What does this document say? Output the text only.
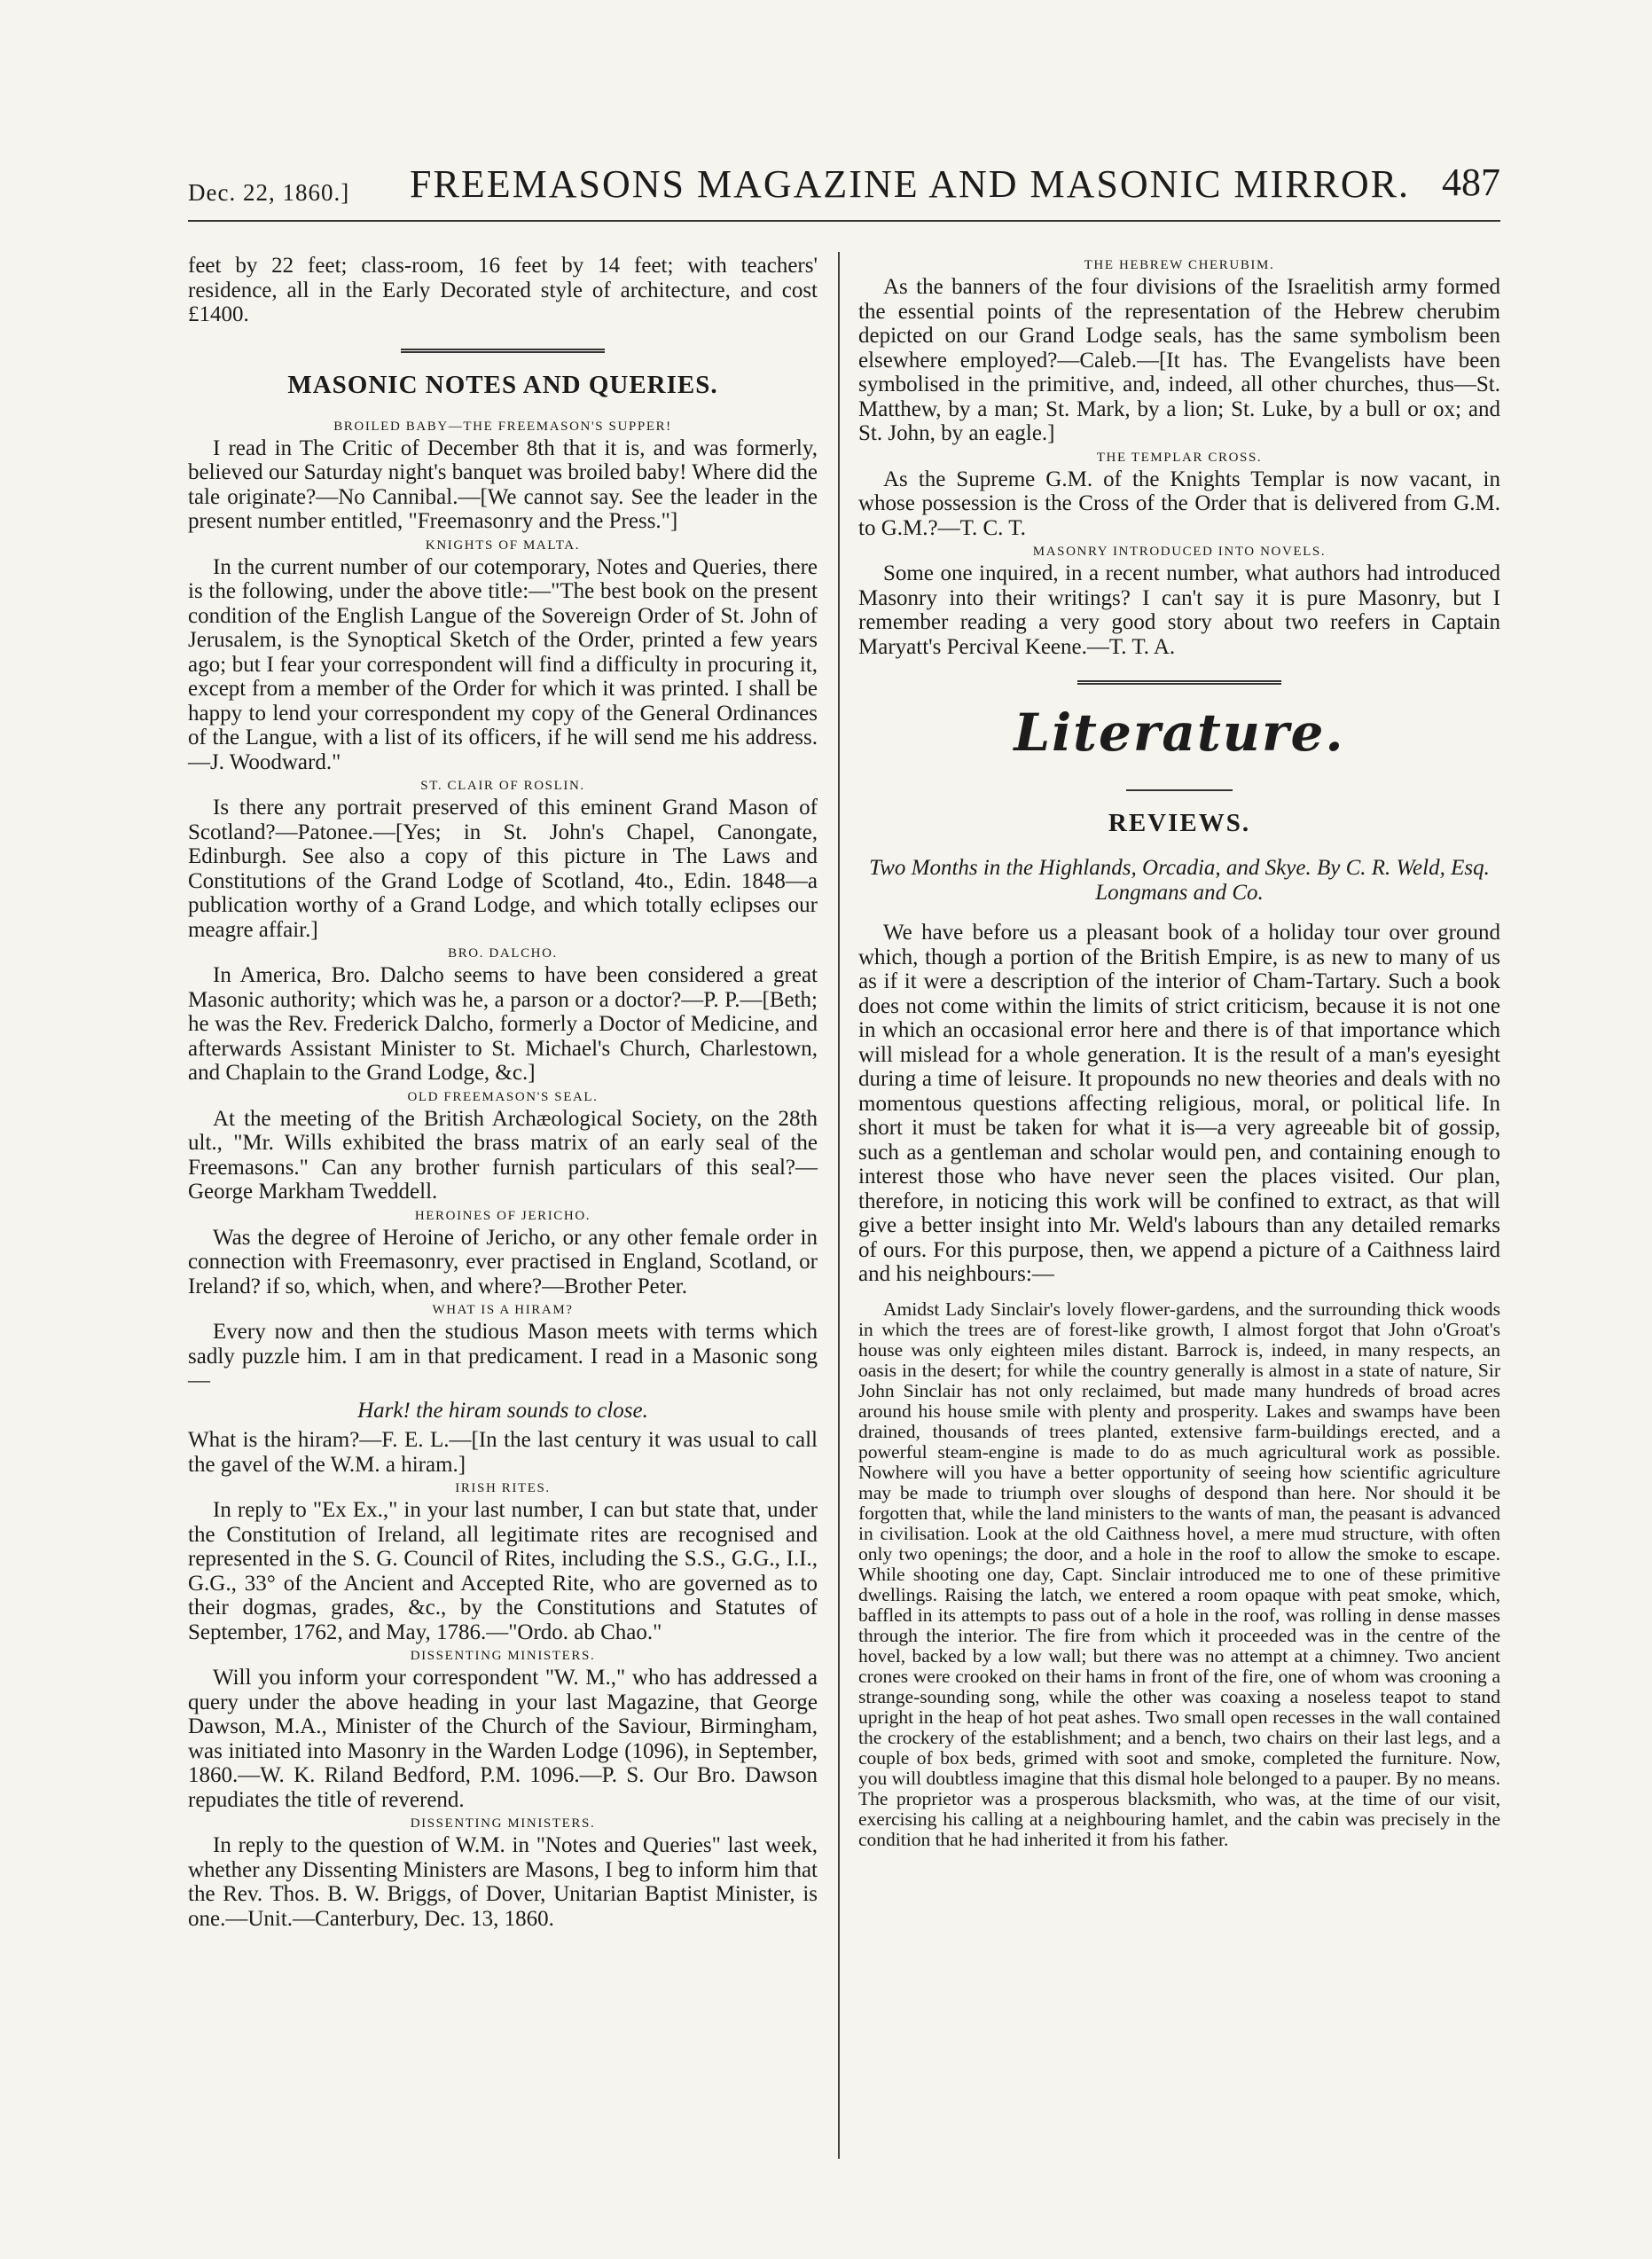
Dec. 22, 1860.] FREEMASONS MAGAZINE AND MASONIC MIRROR. 487

feet by 22 feet; class-room, 16 feet by 14 feet; with teachers' residence, all in the Early Decorated style of architecture, and cost £1400.

MASONIC NOTES AND QUERIES.
BROILED BABY—THE FREEMASON'S SUPPER!

I read in The Critic of December 8th that it is, and was formerly, believed our Saturday night's banquet was broiled baby! Where did the tale originate?—No Cannibal.—[We cannot say. See the leader in the present number entitled, "Freemasonry and the Press."]

KNIGHTS OF MALTA.

In the current number of our cotemporary, Notes and Queries, there is the following, under the above title:—"The best book on the present condition of the English Langue of the Sovereign Order of St. John of Jerusalem, is the Synoptical Sketch of the Order, printed a few years ago; but I fear your correspondent will find a difficulty in procuring it, except from a member of the Order for which it was printed. I shall be happy to lend your correspondent my copy of the General Ordinances of the Langue, with a list of its officers, if he will send me his address.—J. Woodward."

ST. CLAIR OF ROSLIN.

Is there any portrait preserved of this eminent Grand Mason of Scotland?—Patonee.—[Yes; in St. John's Chapel, Canongate, Edinburgh. See also a copy of this picture in The Laws and Constitutions of the Grand Lodge of Scotland, 4to., Edin. 1848—a publication worthy of a Grand Lodge, and which totally eclipses our meagre affair.]

BRO. DALCHO.

In America, Bro. Dalcho seems to have been considered a great Masonic authority; which was he, a parson or a doctor?—P. P.—[Beth; he was the Rev. Frederick Dalcho, formerly a Doctor of Medicine, and afterwards Assistant Minister to St. Michael's Church, Charlestown, and Chaplain to the Grand Lodge, &c.]

OLD FREEMASON'S SEAL.

At the meeting of the British Archæological Society, on the 28th ult., "Mr. Wills exhibited the brass matrix of an early seal of the Freemasons." Can any brother furnish particulars of this seal?—George Markham Tweddell.

HEROINES OF JERICHO.

Was the degree of Heroine of Jericho, or any other female order in connection with Freemasonry, ever practised in England, Scotland, or Ireland? if so, which, when, and where?—Brother Peter.

WHAT IS A HIRAM?

Every now and then the studious Mason meets with terms which sadly puzzle him. I am in that predicament. I read in a Masonic song—

Hark! the hiram sounds to close.

What is the hiram?—F. E. L.—[In the last century it was usual to call the gavel of the W.M. a hiram.]

IRISH RITES.

In reply to "Ex Ex.," in your last number, I can but state that, under the Constitution of Ireland, all legitimate rites are recognised and represented in the S. G. Council of Rites, including the S.S., G.G., I.I., G.G., 33° of the Ancient and Accepted Rite, who are governed as to their dogmas, grades, &c., by the Constitutions and Statutes of September, 1762, and May, 1786.—"Ordo. ab Chao."

DISSENTING MINISTERS.

Will you inform your correspondent "W. M.," who has addressed a query under the above heading in your last Magazine, that George Dawson, M.A., Minister of the Church of the Saviour, Birmingham, was initiated into Masonry in the Warden Lodge (1096), in September, 1860.—W. K. Riland Bedford, P.M. 1096.—P. S. Our Bro. Dawson repudiates the title of reverend.

DISSENTING MINISTERS.

In reply to the question of W.M. in "Notes and Queries" last week, whether any Dissenting Ministers are Masons, I beg to inform him that the Rev. Thos. B. W. Briggs, of Dover, Unitarian Baptist Minister, is one.—Unit.—Canterbury, Dec. 13, 1860.

THE HEBREW CHERUBIM.

As the banners of the four divisions of the Israelitish army formed the essential points of the representation of the Hebrew cherubim depicted on our Grand Lodge seals, has the same symbolism been elsewhere employed?—Caleb.—[It has. The Evangelists have been symbolised in the primitive, and, indeed, all other churches, thus—St. Matthew, by a man; St. Mark, by a lion; St. Luke, by a bull or ox; and St. John, by an eagle.]

THE TEMPLAR CROSS.

As the Supreme G.M. of the Knights Templar is now vacant, in whose possession is the Cross of the Order that is delivered from G.M. to G.M.?—T. C. T.

MASONRY INTRODUCED INTO NOVELS.

Some one inquired, in a recent number, what authors had introduced Masonry into their writings? I can't say it is pure Masonry, but I remember reading a very good story about two reefers in Captain Maryatt's Percival Keene.—T. T. A.

Literature.
REVIEWS.

Two Months in the Highlands, Orcadia, and Skye. By C. R. Weld, Esq. Longmans and Co.

We have before us a pleasant book of a holiday tour over ground which, though a portion of the British Empire, is as new to many of us as if it were a description of the interior of Cham-Tartary. Such a book does not come within the limits of strict criticism, because it is not one in which an occasional error here and there is of that importance which will mislead for a whole generation. It is the result of a man's eyesight during a time of leisure. It propounds no new theories and deals with no momentous questions affecting religious, moral, or political life. In short it must be taken for what it is—a very agreeable bit of gossip, such as a gentleman and scholar would pen, and containing enough to interest those who have never seen the places visited. Our plan, therefore, in noticing this work will be confined to extract, as that will give a better insight into Mr. Weld's labours than any detailed remarks of ours. For this purpose, then, we append a picture of a Caithness laird and his neighbours:—

Amidst Lady Sinclair's lovely flower-gardens, and the surrounding thick woods in which the trees are of forest-like growth, I almost forgot that John o'Groat's house was only eighteen miles distant. Barrock is, indeed, in many respects, an oasis in the desert; for while the country generally is almost in a state of nature, Sir John Sinclair has not only reclaimed, but made many hundreds of broad acres around his house smile with plenty and prosperity. Lakes and swamps have been drained, thousands of trees planted, extensive farm-buildings erected, and a powerful steam-engine is made to do as much agricultural work as possible. Nowhere will you have a better opportunity of seeing how scientific agriculture may be made to triumph over sloughs of despond than here. Nor should it be forgotten that, while the land ministers to the wants of man, the peasant is advanced in civilisation. Look at the old Caithness hovel, a mere mud structure, with often only two openings; the door, and a hole in the roof to allow the smoke to escape. While shooting one day, Capt. Sinclair introduced me to one of these primitive dwellings. Raising the latch, we entered a room opaque with peat smoke, which, baffled in its attempts to pass out of a hole in the roof, was rolling in dense masses through the interior. The fire from which it proceeded was in the centre of the hovel, backed by a low wall; but there was no attempt at a chimney. Two ancient crones were crooked on their hams in front of the fire, one of whom was crooning a strange-sounding song, while the other was coaxing a noseless teapot to stand upright in the heap of hot peat ashes. Two small open recesses in the wall contained the crockery of the establishment; and a bench, two chairs on their last legs, and a couple of box beds, grimed with soot and smoke, completed the furniture. Now, you will doubtless imagine that this dismal hole belonged to a pauper. By no means. The proprietor was a prosperous blacksmith, who was, at the time of our visit, exercising his calling at a neighbouring hamlet, and the cabin was precisely in the condition that he had inherited it from his father.
